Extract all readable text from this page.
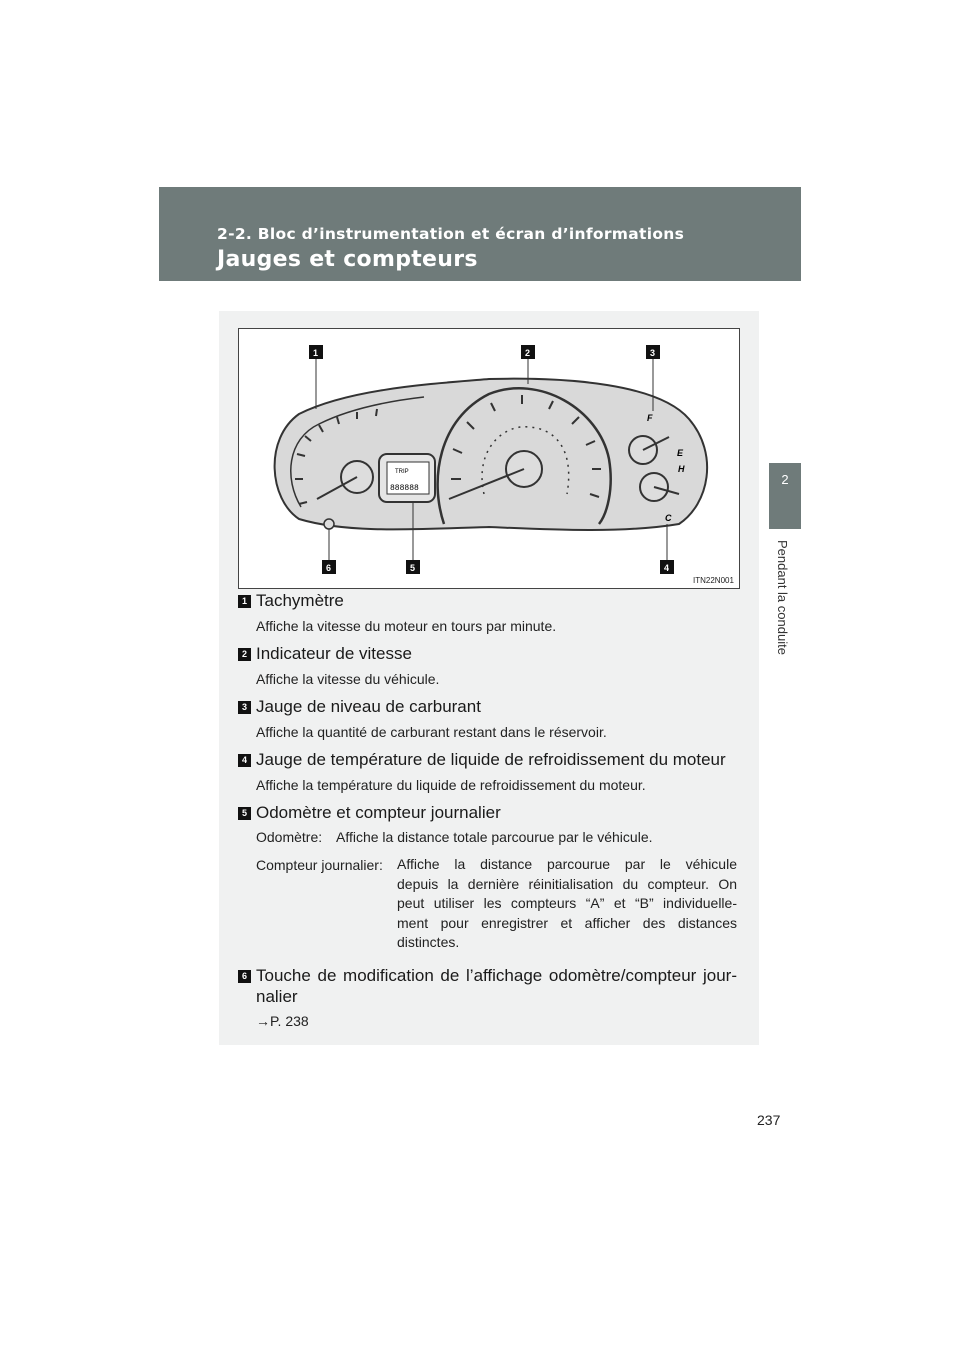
2-2. Bloc d’instrumentation et écran d’informations
Jauges et compteurs
2
Pendant la conduite
TRIP
888888
F
E
H
C
1	2	3
4
5
6
ITN22N001
1 Tachymètre
Affiche la vitesse du moteur en tours par minute.
2 Indicateur de vitesse
Affiche la vitesse du véhicule.
3 Jauge de niveau de carburant
Affiche la quantité de carburant restant dans le réservoir.
4 Jauge de température de liquide de refroidissement du moteur
Affiche la température du liquide de refroidissement du moteur.
5 Odomètre et compteur journalier
Odomètre: Affiche la distance totale parcourue par le véhicule.
Compteur journalier: Affiche la distance parcourue par le véhicule
depuis la dernière réinitialisation du compteur. On
peut utiliser les compteurs “A” et “B” individuelle-
ment pour enregistrer et afficher des distances
distinctes.
6 Touche de modification de l’affichage odomètre/compteur jour-
nalier
→P. 238
237
